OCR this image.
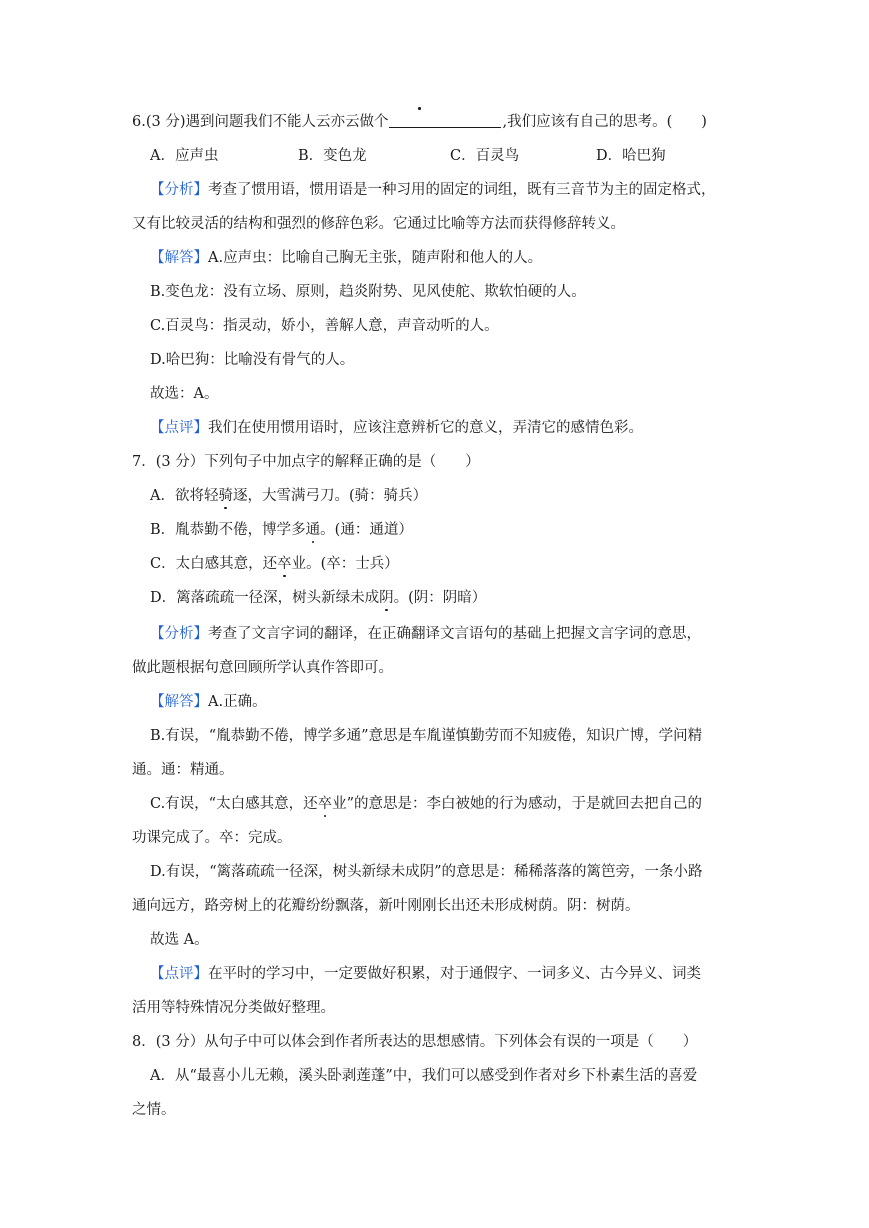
6.(3 分)遇到问题我们不能人云亦云做个	,我们应该有自己的思考。(　　)
A．应声虫	B．变色龙	C．百灵鸟	D．哈巴狗
【分析】考查了惯用语，惯用语是一种习用的固定的词组，既有三音节为主的固定格式，
又有比较灵活的结构和强烈的修辞色彩。它通过比喻等方法而获得修辞转义。
【解答】A.应声虫：比喻自己胸无主张，随声附和他人的人。
B.变色龙：没有立场、原则，趋炎附势、见风使舵、欺软怕硬的人。
C.百灵鸟：指灵动，娇小，善解人意，声音动听的人。
D.哈巴狗：比喻没有骨气的人。
故选：A。
【点评】我们在使用惯用语时，应该注意辨析它的意义，弄清它的感情色彩。
7．(3 分）下列句子中加点字的解释正确的是（　　）
A．欲将轻骑逐，大雪满弓刀。(骑：骑兵）
B．胤恭勤不倦，博学多通。(通：通道）
C．太白感其意，还卒业。(卒：士兵）
D．篱落疏疏一径深，树头新绿未成阴。(阴：阴暗）
【分析】考查了文言字词的翻译，在正确翻译文言语句的基础上把握文言字词的意思，
做此题根据句意回顾所学认真作答即可。
【解答】A.正确。
B.有误，“胤恭勤不倦，博学多通”意思是车胤谨慎勤劳而不知疲倦，知识广博，学问精
通。通：精通。
C.有误，“太白感其意，还卒业”的意思是：李白被她的行为感动，于是就回去把自己的
功课完成了。卒：完成。
D.有误，“篱落疏疏一径深，树头新绿未成阴”的意思是：稀稀落落的篱笆旁，一条小路
通向远方，路旁树上的花瓣纷纷飘落，新叶刚刚长出还未形成树荫。阴：树荫。
故选 A。
【点评】在平时的学习中，一定要做好积累，对于通假字、一词多义、古今异义、词类
活用等特殊情况分类做好整理。
8．(3 分）从句子中可以体会到作者所表达的思想感情。下列体会有误的一项是（　　）
A．从“最喜小儿无赖，溪头卧剥莲蓬”中，我们可以感受到作者对乡下朴素生活的喜爱
之情。
